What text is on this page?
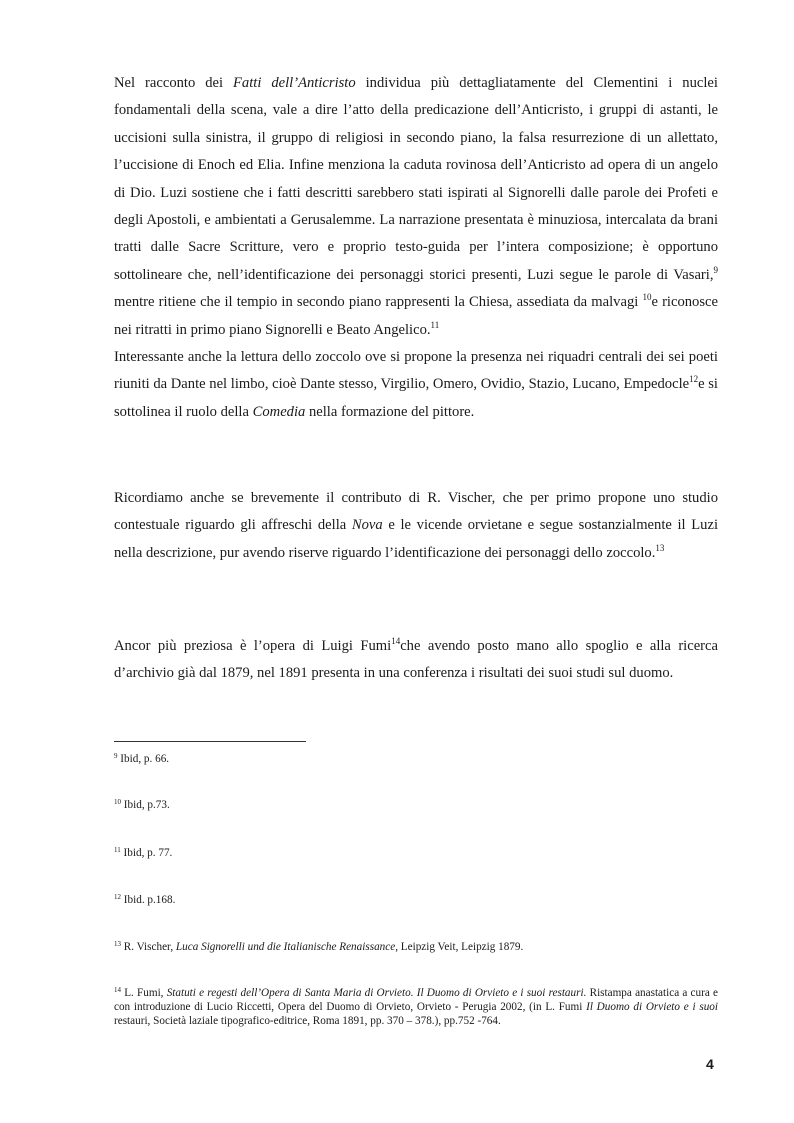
Nel racconto dei Fatti dell’Anticristo individua più dettagliatamente del Clementini i nuclei fondamentali della scena, vale a dire l’atto della predicazione dell’Anticristo, i gruppi di astanti, le uccisioni sulla sinistra, il gruppo di religiosi in secondo piano, la falsa resurrezione di un allettato, l’uccisione di Enoch ed Elia. Infine menziona la caduta rovinosa dell’Anticristo ad opera di un angelo di Dio. Luzi sostiene che i fatti descritti sarebbero stati ispirati al Signorelli dalle parole dei Profeti e degli Apostoli, e ambientati a Gerusalemme. La narrazione presentata è minuziosa, intercalata da brani tratti dalle Sacre Scritture, vero e proprio testo-guida per l’intera composizione; è opportuno sottolineare che, nell’identificazione dei personaggi storici presenti, Luzi segue le parole di Vasari,$^9$ mentre ritiene che il tempio in secondo piano rappresenti la Chiesa, assediata da malvagi $^{10}$e riconosce nei ritratti in primo piano Signorelli e Beato Angelico.$^{11}$
Interessante anche la lettura dello zoccolo ove si propone la presenza nei riquadri centrali dei sei poeti riuniti da Dante nel limbo, cioè Dante stesso, Virgilio, Omero, Ovidio, Stazio, Lucano, Empedocle$^{12}$e si sottolinea il ruolo della Comedia nella formazione del pittore.
Ricordiamo anche se brevemente il contributo di R. Vischer, che per primo propone uno studio contestuale riguardo gli affreschi della Nova e le vicende orvietane e segue sostanzialmente il Luzi nella descrizione, pur avendo riserve riguardo l’identificazione dei personaggi dello zoccolo.$^{13}$
Ancor più preziosa è l’opera di Luigi Fumi$^{14}$che avendo posto mano allo spoglio e alla ricerca d’archivio già dal 1879, nel 1891 presenta in una conferenza i risultati dei suoi studi sul duomo.
$^9$ Ibid, p. 66.
$^{10}$ Ibid, p.73.
$^{11}$ Ibid, p. 77.
$^{12}$ Ibid. p.168.
$^{13}$ R. Vischer, Luca Signorelli und die Italianische Renaissance, Leipzig Veit, Leipzig 1879.
$^{14}$ L. Fumi, Statuti e regesti dell’Opera di Santa Maria di Orvieto. Il Duomo di Orvieto e i suoi restauri. Ristampa anastatica a cura e con introduzione di Lucio Riccetti, Opera del Duomo di Orvieto, Orvieto - Perugia 2002, (in L. Fumi Il Duomo di Orvieto e i suoi restauri, Società laziale tipografico-editrice, Roma 1891, pp. 370 – 378.), pp.752 -764.
4
